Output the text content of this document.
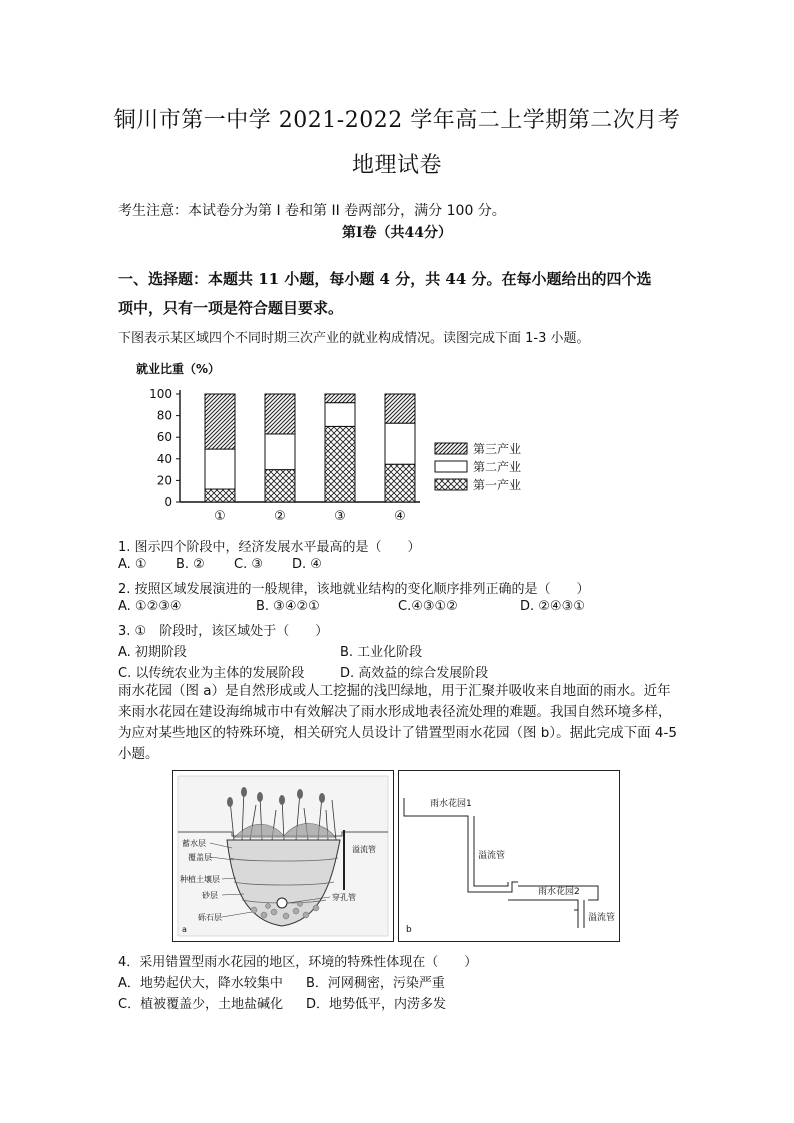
铜川市第一中学 2021-2022 学年高二上学期第二次月考
地理试卷
考生注意：本试卷分为第 I 卷和第 II 卷两部分，满分 100 分。
第Ⅰ卷（共44分）
一、选择题：本题共 11 小题，每小题 4 分，共 44 分。在每小题给出的四个选
项中，只有一项是符合题目要求。
下图表示某区域四个不同时期三次产业的就业构成情况。读图完成下面 1-3 小题。
就业比重（%）
0
20
40
60
80
100
①	②	③	④
第三产业
第二产业
第一产业
1. 图示四个阶段中，经济发展水平最高的是（　　）
A. ① B. ② C. ③ D. ④
2. 按照区域发展演进的一般规律，该地就业结构的变化顺序排列正确的是（　　）
A. ①②③④	B. ③④②①	C.④③①②	D. ②④③①
3. ①　阶段时，该区域处于（　　）
A. 初期阶段	B. 工业化阶段
C. 以传统农业为主体的发展阶段	D. 高效益的综合发展阶段
雨水花园（图 a）是自然形成或人工挖掘的浅凹绿地，用于汇聚并吸收来自地面的雨水。近年来雨水花园在建设海绵城市中有效解决了雨水形成地表径流处理的难题。我国自然环境多样，为应对某些地区的特殊环境，相关研究人员设计了错置型雨水花园（图 b）。据此完成下面 4-5 小题。
蓄水层
覆盖层
种植土壤层
砂层
砾石层
溢流管
穿孔管
a
雨水花园1
溢流管
雨水花园2
溢流管
b
4．采用错置型雨水花园的地区，环境的特殊性体现在（　　）
A．地势起伏大，降水较集中 B．河网稠密，污染严重
C．植被覆盖少，土地盐碱化 D．地势低平，内涝多发
